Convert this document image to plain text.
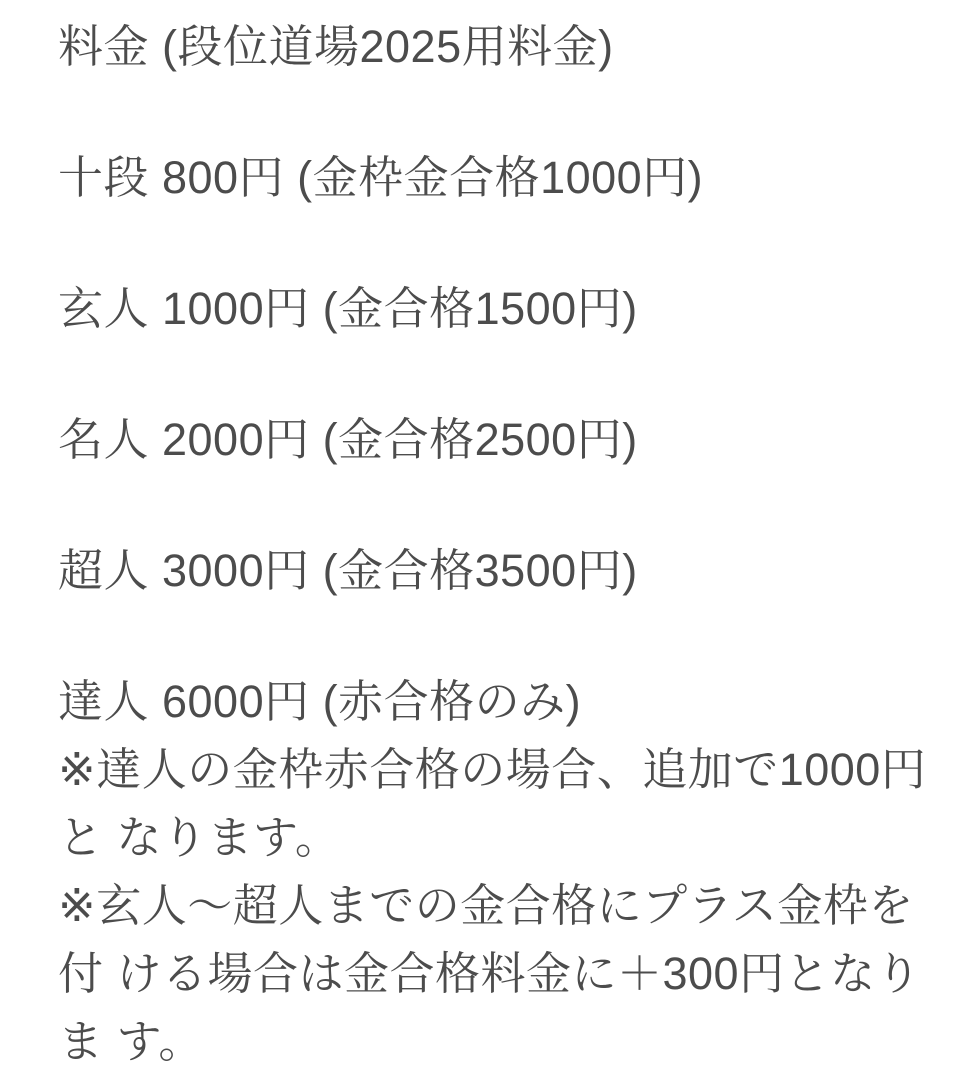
料金 (段位道場2025用料金)

十段 800円 (金枠金合格1000円)

玄人 1000円 (金合格1500円)

名人 2000円 (金合格2500円)

超人 3000円 (金合格3500円)

達人 6000円 (赤合格のみ)

※達人の金枠赤合格の場合、追加で1000円と なります。

※玄人〜超人までの金合格にプラス金枠を付 ける場合は金合格料金に＋300円となりま す。
